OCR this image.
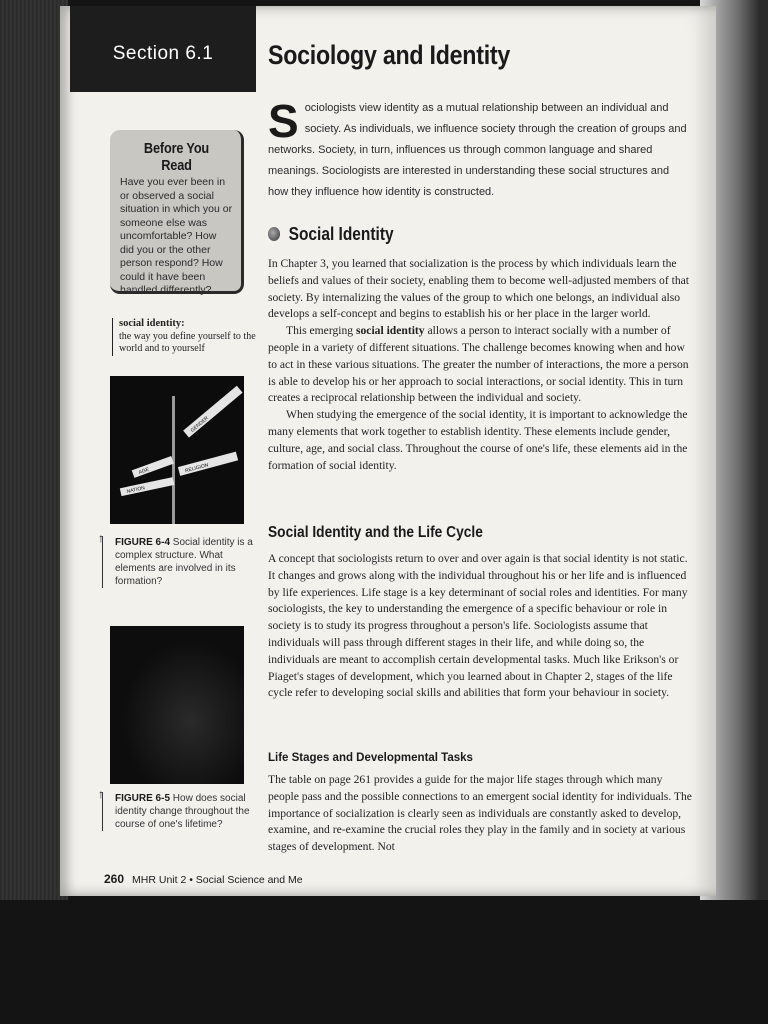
Section 6.1	Sociology and Identity
Sociologists view identity as a mutual relationship between an individual and society. As individuals, we influence society through the creation of groups and networks. Society, in turn, influences us through common language and shared meanings. Sociologists are interested in understanding these social structures and how they influence how identity is constructed.
Before You Read
Have you ever been in or observed a social situation in which you or someone else was uncomfortable? How did you or the other person respond? How could it have been handled differently?
social identity:
the way you define yourself to the world and to yourself
GENDER
RELIGION
AGE
NATION
GROUP
↑ FIGURE 6-4 Social identity is a complex structure. What elements are involved in its formation?
↑ FIGURE 6-5 How does social identity change throughout the course of one's lifetime?
Social Identity

In Chapter 3, you learned that socialization is the process by which individuals learn the beliefs and values of their society, enabling them to become well-adjusted members of that society. By internalizing the values of the group to which one belongs, an individual also develops a self-concept and begins to establish his or her place in the larger world.

This emerging social identity allows a person to interact socially with a number of people in a variety of different situations. The challenge becomes knowing when and how to act in these various situations. The greater the number of interactions, the more a person is able to develop his or her approach to social interactions, or social identity. This in turn creates a reciprocal relationship between the individual and society.

When studying the emergence of the social identity, it is important to acknowledge the many elements that work together to establish identity. These elements include gender, culture, age, and social class. Throughout the course of one's life, these elements aid in the formation of social identity.

Social Identity and the Life Cycle

A concept that sociologists return to over and over again is that social identity is not static. It changes and grows along with the individual throughout his or her life and is influenced by life experiences. Life stage is a key determinant of social roles and identities. For many sociologists, the key to understanding the emergence of a specific behaviour or role in society is to study its progress throughout a person's life. Sociologists assume that individuals will pass through different stages in their life, and while doing so, the individuals are meant to accomplish certain developmental tasks. Much like Erikson's or Piaget's stages of development, which you learned about in Chapter 2, stages of the life cycle refer to developing social skills and abilities that form your behaviour in society.

Life Stages and Developmental Tasks

The table on page 261 provides a guide for the major life stages through which many people pass and the possible connections to an emergent social identity for individuals. The importance of socialization is clearly seen as individuals are constantly asked to develop, examine, and re-examine the crucial roles they play in the family and in society at various stages of development. Not

260 MHR Unit 2 • Social Science and Me
